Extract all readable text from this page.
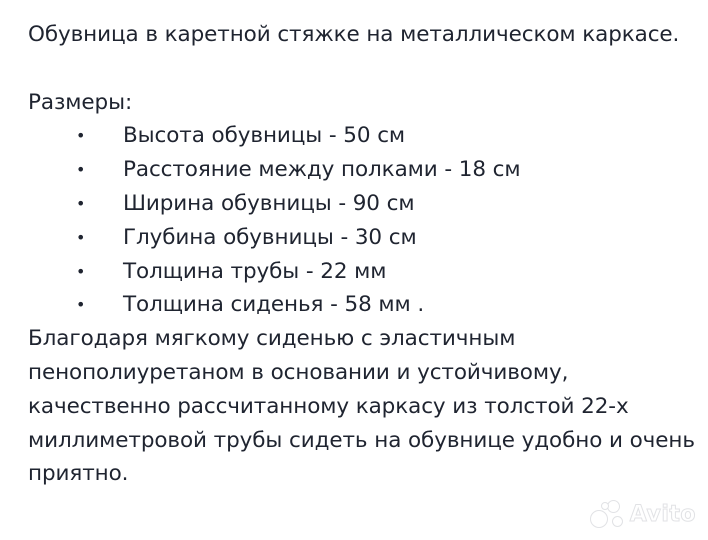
Обувница в каретной стяжке на металлическом каркасе.

Размеры:

• Высота обувницы - 50 см
• Расстояние между полками - 18 см
• Ширина обувницы - 90 см
• Глубина обувницы - 30 см
• Толщина трубы - 22 мм
• Толщина сиденья - 58 мм .

Благодаря мягкому сиденью с эластичным пенополиуретаном в основании и устойчивому, качественно рассчитанному каркасу из толстой 22-х миллиметровой трубы сидеть на обувнице удобно и очень приятно.

Avito
